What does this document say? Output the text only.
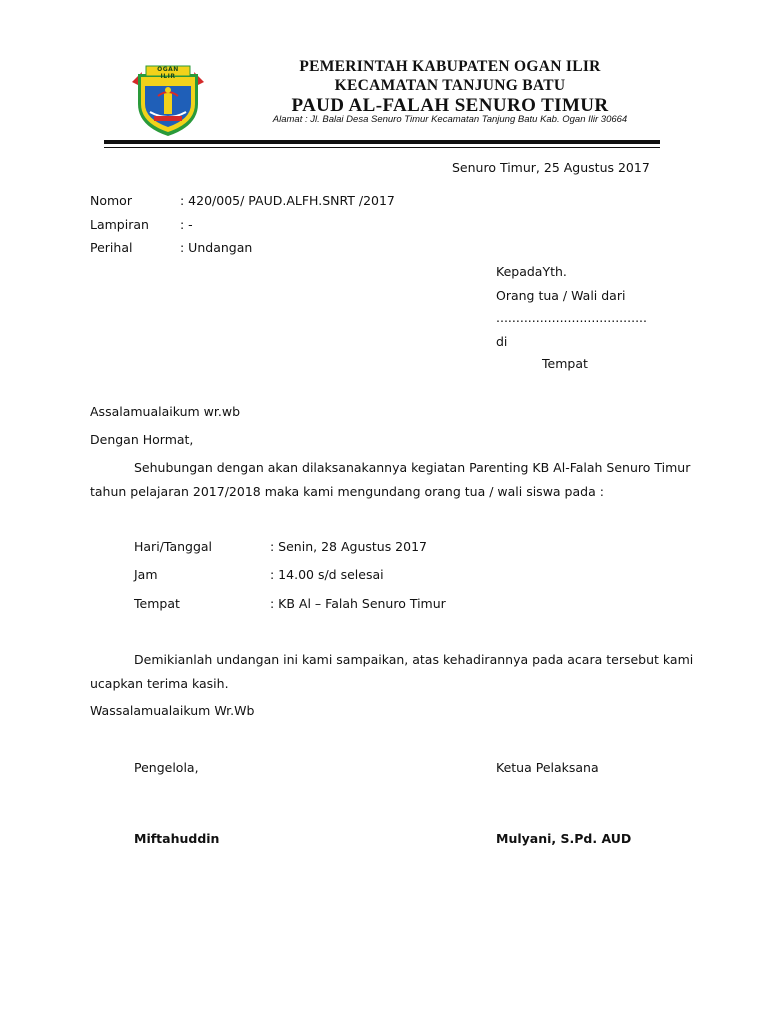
OGAN ILIR
PEMERINTAH KABUPATEN OGAN ILIR
KECAMATAN TANJUNG BATU
PAUD AL-FALAH SENURO TIMUR
Alamat : Jl. Balai Desa Senuro Timur Kecamatan Tanjung Batu Kab. Ogan Ilir 30664
Senuro Timur, 25 Agustus 2017
Nomor	: 420/005/ PAUD.ALFH.SNRT /2017
Lampiran : -
Perihal	: Undangan
KepadaYth.
Orang tua / Wali dari
......................................
di
Tempat
Assalamualaikum wr.wb
Dengan Hormat,
Sehubungan dengan akan dilaksanakannya kegiatan Parenting KB Al-Falah Senuro Timur
tahun pelajaran 2017/2018 maka kami mengundang orang tua / wali siswa pada :
Hari/Tanggal	: Senin, 28 Agustus 2017
Jam	: 14.00 s/d selesai
Tempat	: KB Al – Falah Senuro Timur
Demikianlah undangan ini kami sampaikan, atas kehadirannya pada acara tersebut kami
ucapkan terima kasih.
Wassalamualaikum Wr.Wb
Pengelola,	Ketua Pelaksana
Miftahuddin	Mulyani, S.Pd. AUD
